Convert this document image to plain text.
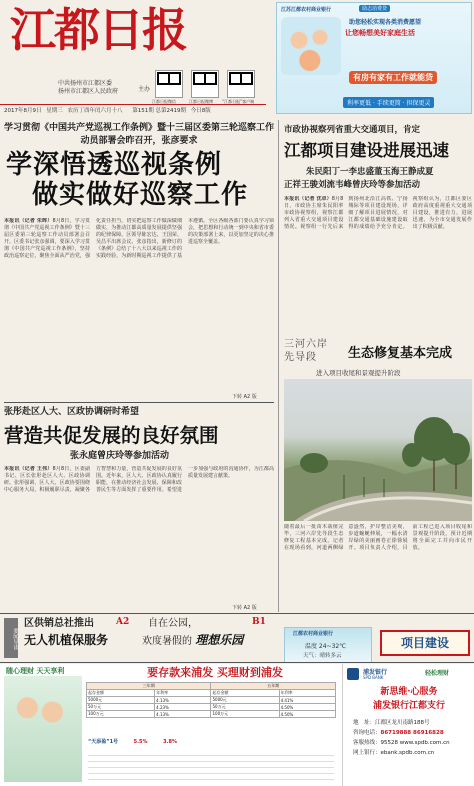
江都日报
中共扬州市江都区委
扬州市江都区人民政府	主办
江都日报微信	江都日报微博 “江都日报”客户端
2017年8月9日 星期三 农历丁酉年闰六月十八 第151期 总第2419期 今日8版
江苏江都农村商业银行	励志消费贷
助您轻松实现各类消费愿望
让您畅想美好家庭生活
有房有家有工作就能贷
利率更低 · 手续更简 · 担保更灵
学习贯彻《中国共产党巡视工作条例》暨十三届区委第三轮巡察工作动员部署会昨召开，张彦要求
学深悟透巡视条例
做实做好巡察工作
本报讯（记者 朱晖）8月8日，学习贯彻《中国共产党巡视工作条例》暨十三届区委第三轮巡察工作动员部署会召开。区委书记张彦强调，要深入学习贯彻《中国共产党巡视工作条例》，坚持政治巡察定位，聚焦全面从严治党，强化责任担当，切实把巡察工作做深做细做实，为推动江都高质量发展提供坚强的纪律保障。区领导陈宏达、王国荣、吴昌平出席会议。张彦指出，新修订的《条例》总结了十八大以来巡视工作的实践经验，为新时期巡视工作提供了基本遵循。全区各级各部门要认真学习领会，把思想和行动统一到中央和省市委的决策部署上来，以更加坚定的决心推进巡察全覆盖。
下转 A2 版
市政协视察列省重大交通项目，肯定
江都项目建设进展迅速
朱民阳丁一李忠盛董玉海王静成夏
正祥王骏刘流韦峰曾庆玲等参加活动
本报讯（记者 沈卓）8月8日，市政协主席朱民阳率市政协视察组，视察江都列入省重大交通项目建设情况。视察组一行先后来到扬州北沿江高铁、宁扬城际等项目建设现场，详细了解项目进展情况，对江都交通基础设施建设取得的成绩给予充分肯定。视察组认为，江都区委区政府高度重视重大交通项目建设，推进有力，进展迅速，为全市交通发展作出了积极贡献。
三河六岸
先导段	生态修复基本完成
进入项目收尾和景观提升阶段
随着最后一批苗木栽植完毕，三河六岸先导段生态修复工程基本完成。记者在现场看到，河道两侧绿意盎然，护岸整洁美观，步道蜿蜒伸展，一幅水清岸绿的美丽画卷正徐徐展开。项目负责人介绍，目前工程已进入项目收尾和景观提升阶段，预计近期将全面完工并向市民开放。
张彤赴区人大、区政协调研时希望
营造共促发展的良好氛围
张永庭曾庆玲等参加活动
本报讯（记者 王伟）8月8日，区委副书记、区长张彤赴区人大、区政协调研。张彤强调，区人大、区政协要围绕中心服务大局，积极履职尽责，凝聚各方智慧和力量，营造共促发展的良好氛围。近年来，区人大、区政协认真履行职能，在推动经济社会发展、保障和改善民生等方面发挥了重要作用。希望进一步加强与政府的沟通协作，为江都高质量发展建言献策。
下转 A2 版
要闻导读
区供销总社推出
无人机植保服务
A2	自在公园，
欢度暑假的 理想乐园
B1
江都农村商业银行
温度 24~32℃
天气：晴转多云
项目建设
随心理财 天天享利	要存款来浦发 买理财到浦发
三年期		五年期	
起存金额	年利率	起存金额	年利率
5000元	4.13%	5000元	4.41%
50万元	4.23%	50万元	4.50%
100万元	4.13%	100万元	4.50%
“天添盈”1号	5.5%	3.8%
浦发银行
SPD BANK
轻松理财
新思维·心服务
浦发银行江都支行
地　址：江都区龙川南路188号
咨询电话：86719888 86916828
客服热线：95528 www.spdb.com.cn
网上银行：ebank.spdb.com.cn
